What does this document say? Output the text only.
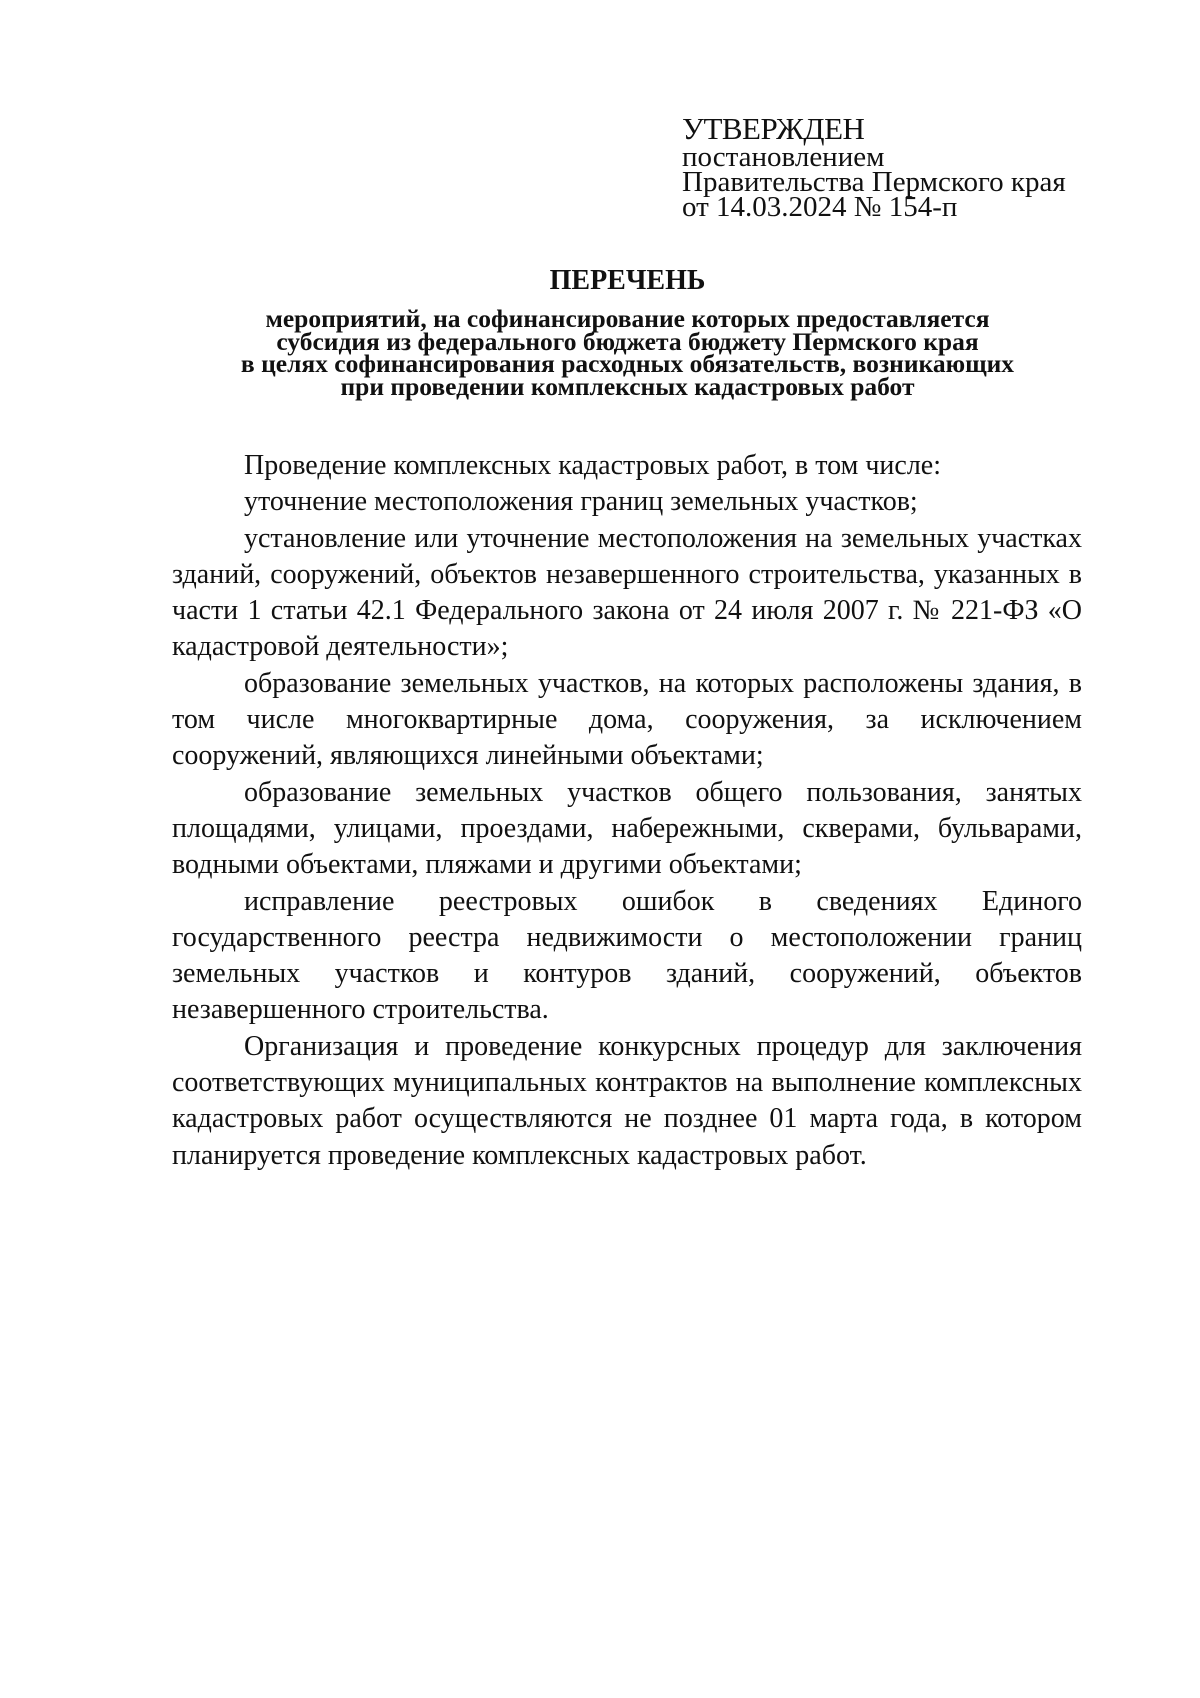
УТВЕРЖДЕН
постановлением
Правительства Пермского края
от 14.03.2024 № 154-п
ПЕРЕЧЕНЬ
мероприятий, на софинансирование которых предоставляется
субсидия из федерального бюджета бюджету Пермского края
в целях софинансирования расходных обязательств, возникающих
при проведении комплексных кадастровых работ

Проведение комплексных кадастровых работ, в том числе:

уточнение местоположения границ земельных участков;

установление или уточнение местоположения на земельных участках зданий, сооружений, объектов незавершенного строительства, указанных в части 1 статьи 42.1 Федерального закона от 24 июля 2007 г. № 221-ФЗ «О кадастровой деятельности»;

образование земельных участков, на которых расположены здания, в том числе многоквартирные дома, сооружения, за исключением сооружений, являющихся линейными объектами;

образование земельных участков общего пользования, занятых площадями, улицами, проездами, набережными, скверами, бульварами, водными объектами, пляжами и другими объектами;

исправление реестровых ошибок в сведениях Единого государственного реестра недвижимости о местоположении границ земельных участков и контуров зданий, сооружений, объектов незавершенного строительства.

Организация и проведение конкурсных процедур для заключения соответствующих муниципальных контрактов на выполнение комплексных кадастровых работ осуществляются не позднее 01 марта года, в котором планируется проведение комплексных кадастровых работ.
